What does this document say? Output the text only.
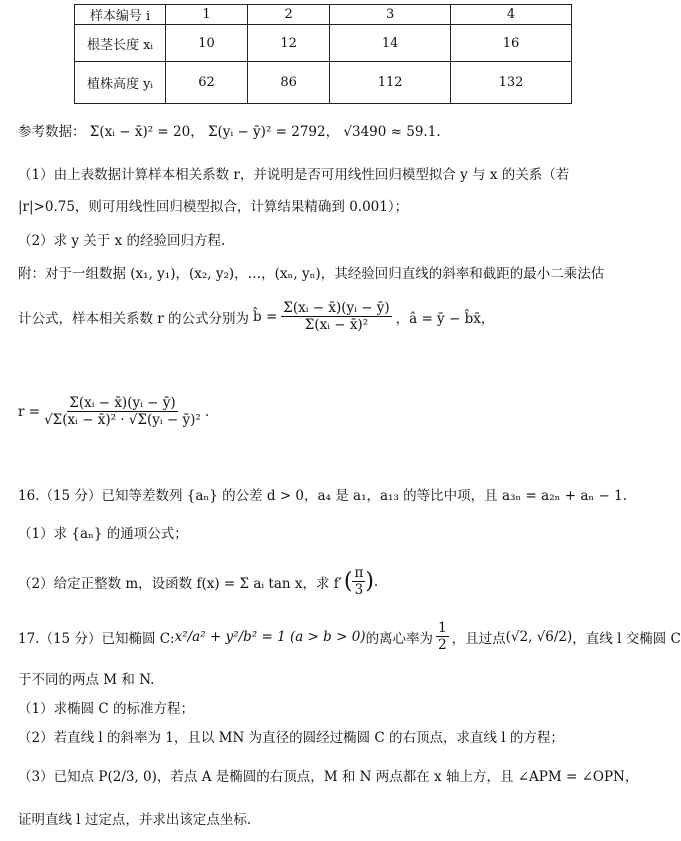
样本编号 i	1	2	3	4
根茎长度 xᵢ	10	12	14	16
植株高度 yᵢ	62	86	112	132
参考数据： Σ(xᵢ − x̄)² = 20， Σ(yᵢ − ȳ)² = 2792， √3490 ≈ 59.1.
（1）由上表数据计算样本相关系数 r，并说明是否可用线性回归模型拟合 y 与 x 的关系（若
|r|>0.75，则可用线性回归模型拟合，计算结果精确到 0.001）；
（2）求 y 关于 x 的经验回归方程.
附：对于一组数据 (x₁, y₁)，(x₂, y₂)，…，(xₙ, yₙ)，其经验回归直线的斜率和截距的最小二乘法估
计公式，样本相关系数 r 的公式分别为 b̂ = $\frac{\text{Σ(xᵢ − x̄)(yᵢ − ȳ)}}{\text{Σ(xᵢ − x̄)²}}$ ，â = ȳ − b̂x̄，
$r = \frac{\text{Σ(xᵢ − x̄)(yᵢ − ȳ)}}{\text{√Σ(xᵢ − x̄)² · √Σ(yᵢ − ȳ)²}}$ .
16.（15 分）已知等差数列 {aₙ} 的公差 d > 0，a₄ 是 a₁，a₁₃ 的等比中项，且 a₃ₙ = a₂ₙ + aₙ − 1.
（1）求 {aₙ} 的通项公式；
（2）给定正整数 m，设函数 f(x) = Σ aᵢ tan x，求 f′ ( $\frac{\pi}{3}$ ) .
17.（15 分）已知椭圆 C: x²/a² + y²/b² = 1 (a > b > 0) 的离心率为 $\frac{1}{2}$ ，且过点 (√2, √6/2) ，直线 l 交椭圆 C
于不同的两点 M 和 N.
（1）求椭圆 C 的标准方程；
（2）若直线 l 的斜率为 1，且以 MN 为直径的圆经过椭圆 C 的右顶点，求直线 l 的方程；
（3）已知点 P(2/3, 0)，若点 A 是椭圆的右顶点，M 和 N 两点都在 x 轴上方，且 ∠APM = ∠OPN，
证明直线 l 过定点，并求出该定点坐标.
